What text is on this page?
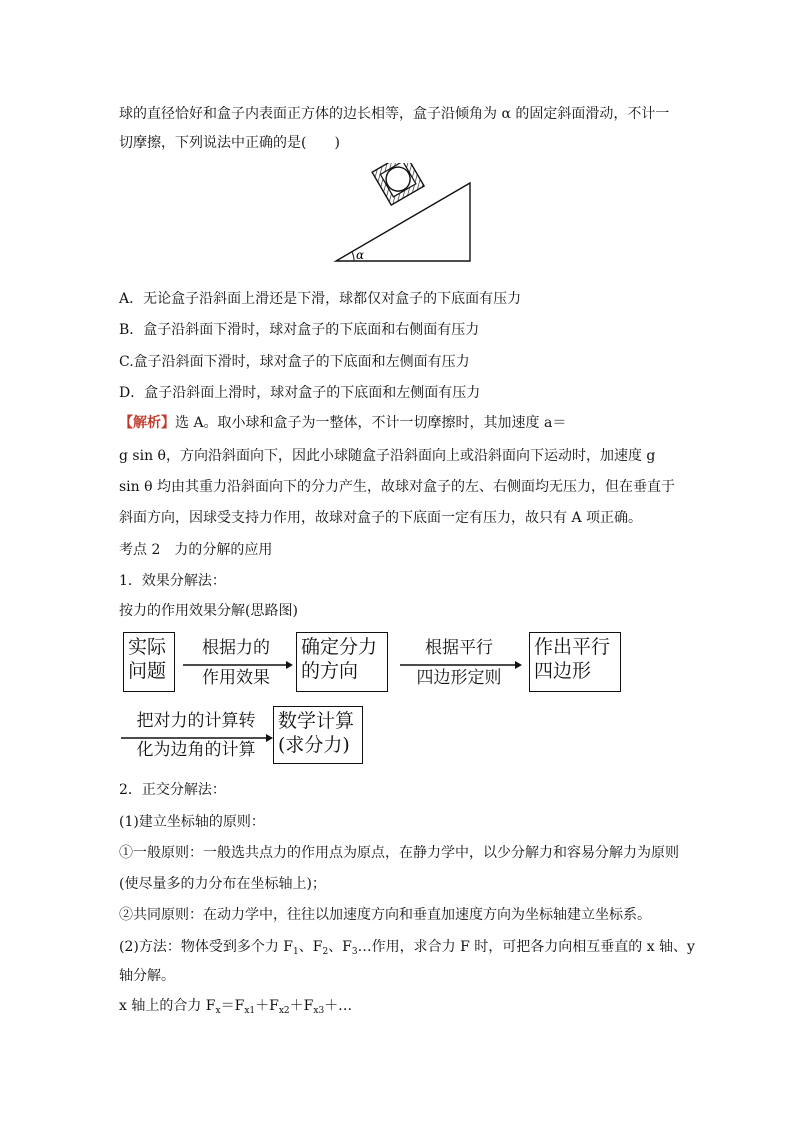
球的直径恰好和盒子内表面正方体的边长相等，盒子沿倾角为 α 的固定斜面滑动，不计一
切摩擦，下列说法中正确的是(　　)
α
A．无论盒子沿斜面上滑还是下滑，球都仅对盒子的下底面有压力
B．盒子沿斜面下滑时，球对盒子的下底面和右侧面有压力
C.盒子沿斜面下滑时，球对盒子的下底面和左侧面有压力
D．盒子沿斜面上滑时，球对盒子的下底面和左侧面有压力
【解析】选 A。取小球和盒子为一整体，不计一切摩擦时，其加速度 a＝
g sin θ，方向沿斜面向下，因此小球随盒子沿斜面向上或沿斜面向下运动时，加速度 g
sin θ 均由其重力沿斜面向下的分力产生，故球对盒子的左、右侧面均无压力，但在垂直于
斜面方向，因球受支持力作用，故球对盒子的下底面一定有压力，故只有 A 项正确。
考点 2　力的分解的应用
1．效果分解法：
按力的作用效果分解(思路图)
实际
问题
根据力的
作用效果
确定分力
的方向
根据平行
四边形定则
作出平行
四边形
把对力的计算转
化为边角的计算
数学计算
(求分力)
2．正交分解法：
(1)建立坐标轴的原则：
①一般原则：一般选共点力的作用点为原点，在静力学中，以少分解力和容易分解力为原则
(使尽量多的力分布在坐标轴上)；
②共同原则：在动力学中，往往以加速度方向和垂直加速度方向为坐标轴建立坐标系。
(2)方法：物体受到多个力 $F_1$、$F_2$、$F_3\dots$作用，求合力 F 时，可把各力向相互垂直的 x 轴、y
轴分解。
x 轴上的合力 $F_x=F_{x1}+F_{x2}+F_{x3}+\dots$
